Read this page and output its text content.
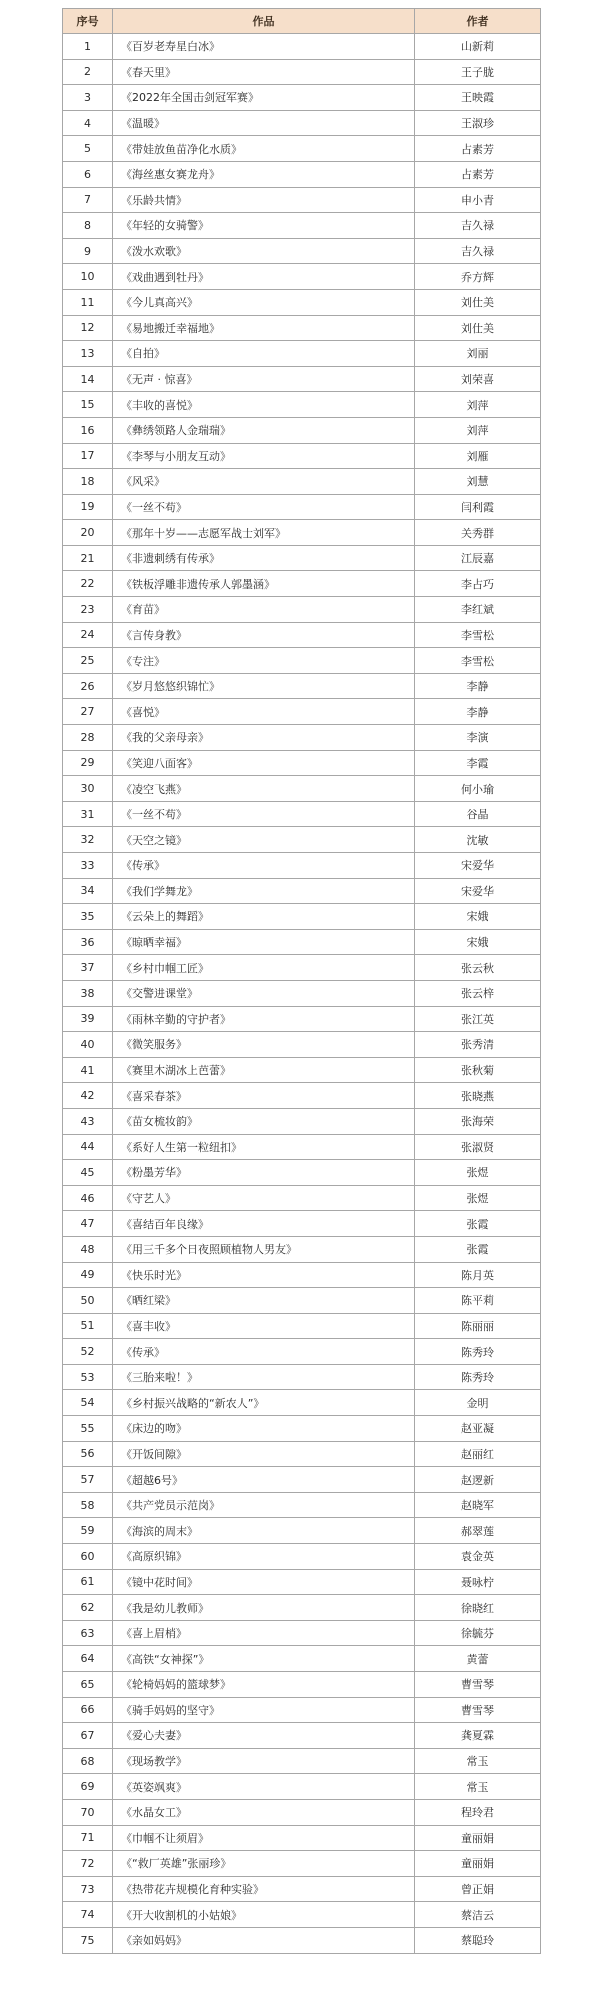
序号	作品	作者
1	《百岁老寿星白冰》	山新莉
2	《春天里》	王子胧
3	《2022年全国击剑冠军赛》	王映霞
4	《温暖》	王淑珍
5	《带娃放鱼苗净化水质》	占素芳
6	《海丝惠女赛龙舟》	占素芳
7	《乐龄共情》	申小青
8	《年轻的女骑警》	吉久禄
9	《泼水欢歌》	吉久禄
10	《戏曲遇到牡丹》	乔方辉
11	《今儿真高兴》	刘仕美
12	《易地搬迁幸福地》	刘仕美
13	《自拍》	刘丽
14	《无声 · 惊喜》	刘荣喜
15	《丰收的喜悦》	刘萍
16	《彝绣领路人金瑞瑞》	刘萍
17	《李琴与小朋友互动》	刘雁
18	《风采》	刘慧
19	《一丝不苟》	闫利霞
20	《那年十岁——志愿军战士刘军》	关秀群
21	《非遗刺绣有传承》	江辰嘉
22	《铁板浮雕非遗传承人郭墨涵》	李占巧
23	《育苗》	李红斌
24	《言传身教》	李雪松
25	《专注》	李雪松
26	《岁月悠悠织锦忙》	李静
27	《喜悦》	李静
28	《我的父亲母亲》	李演
29	《笑迎八面客》	李霞
30	《凌空飞燕》	何小瑜
31	《一丝不苟》	谷晶
32	《天空之镜》	沈敏
33	《传承》	宋爱华
34	《我们学舞龙》	宋爱华
35	《云朵上的舞蹈》	宋娥
36	《晾晒幸福》	宋娥
37	《乡村巾帼工匠》	张云秋
38	《交警进课堂》	张云梓
39	《雨林辛勤的守护者》	张江英
40	《微笑服务》	张秀清
41	《赛里木湖冰上芭蕾》	张秋菊
42	《喜采春茶》	张晓燕
43	《苗女梳妆韵》	张海荣
44	《系好人生第一粒纽扣》	张淑贤
45	《粉墨芳华》	张煜
46	《守艺人》	张煜
47	《喜结百年良缘》	张霞
48	《用三千多个日夜照顾植物人男友》	张霞
49	《快乐时光》	陈月英
50	《晒红梁》	陈平莉
51	《喜丰收》	陈丽丽
52	《传承》	陈秀玲
53	《三胎来啦！》	陈秀玲
54	《乡村振兴战略的“新农人”》	金明
55	《床边的吻》	赵亚凝
56	《开饭间隙》	赵丽红
57	《超越6号》	赵逻新
58	《共产党员示范岗》	赵晓军
59	《海滨的周末》	郝翠莲
60	《高原织锦》	袁金英
61	《镜中花时间》	聂咏柠
62	《我是幼儿教师》	徐晓红
63	《喜上眉梢》	徐毓芬
64	《高铁“女神探”》	黄蕾
65	《轮椅妈妈的篮球梦》	曹雪琴
66	《骑手妈妈的坚守》	曹雪琴
67	《爱心夫妻》	龚夏霖
68	《现场教学》	常玉
69	《英姿飒爽》	常玉
70	《水晶女工》	程玲君
71	《巾帼不让须眉》	童丽娟
72	《“救厂英雄”张丽珍》	童丽娟
73	《热带花卉规模化育种实验》	曾正娟
74	《开大收割机的小姑娘》	蔡洁云
75	《亲如妈妈》	蔡聪玲
